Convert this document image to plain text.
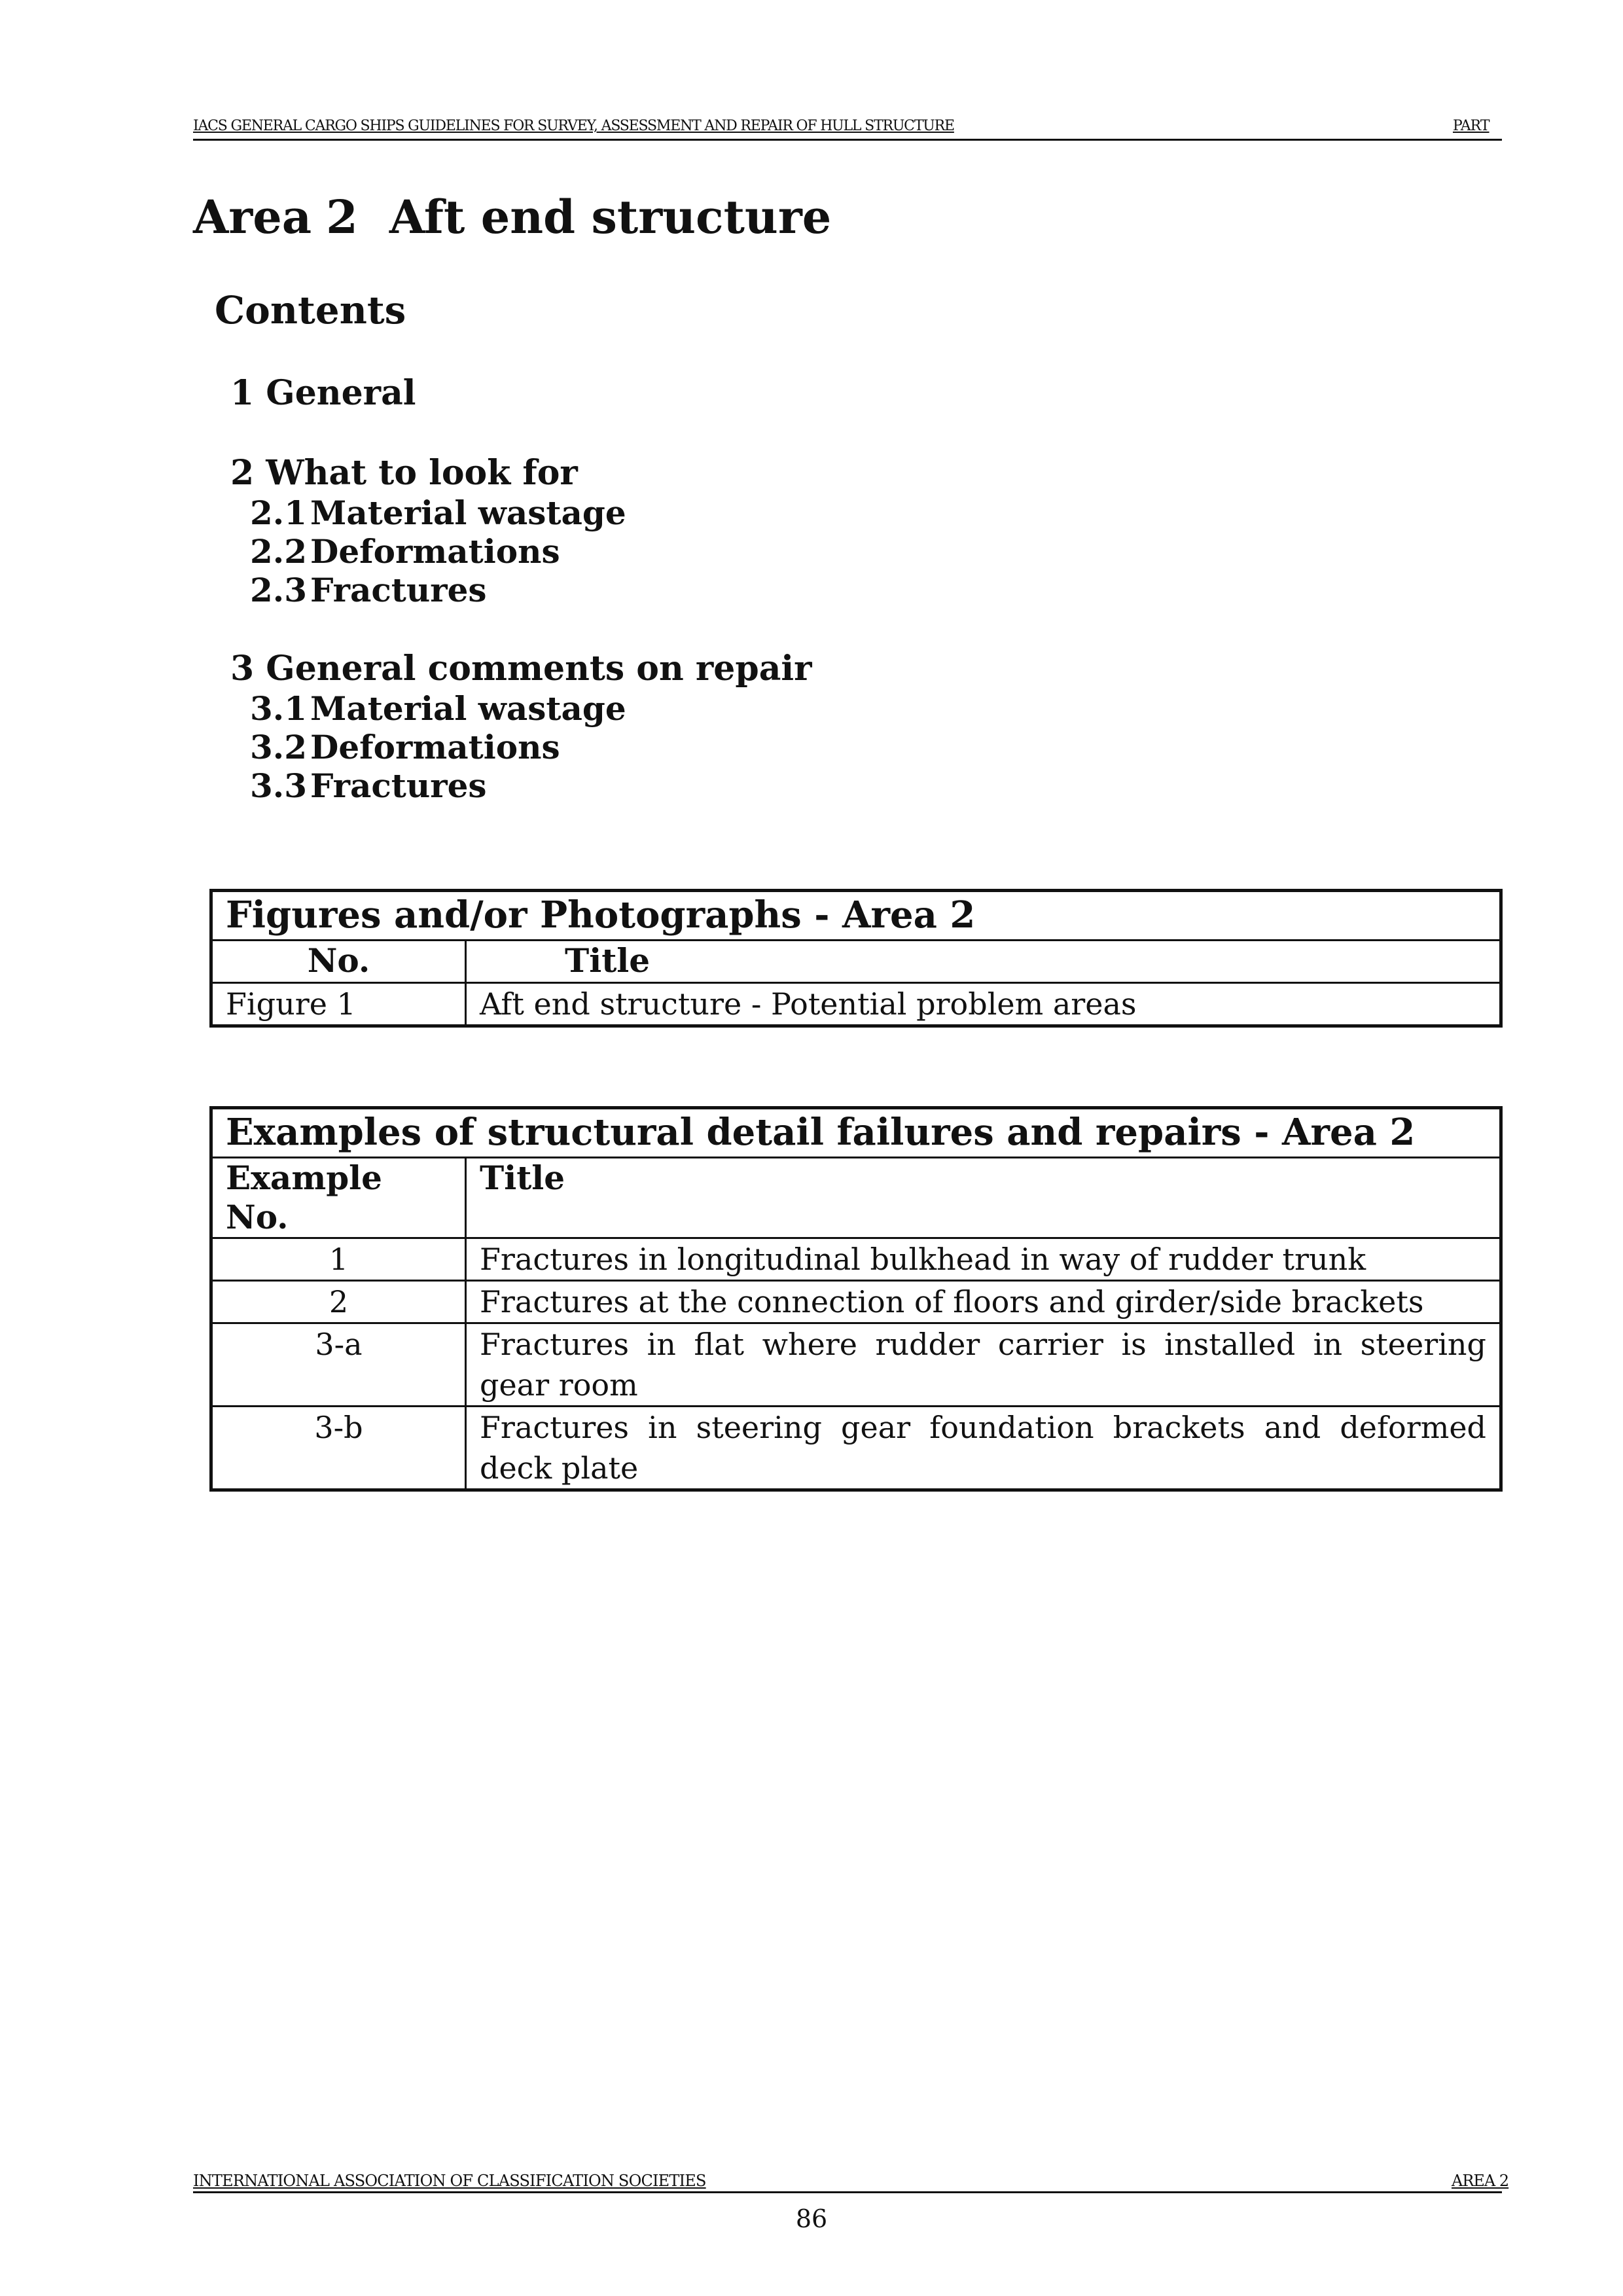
IACS GENERAL CARGO SHIPS GUIDELINES FOR SURVEY, ASSESSMENT AND REPAIR OF HULL STRUCTURE	PART
Area 2 Aft end structure
Contents
1 General
2 What to look for
2.1 Material wastage
2.2 Deformations
2.3 Fractures
3 General comments on repair
3.1 Material wastage
3.2 Deformations
3.3 Fractures
Figures and/or Photographs - Area 2	
No.	Title
Figure 1	Aft end structure - Potential problem areas
Examples of structural detail failures and repairs - Area 2	
Example No.	Title
1	Fractures in longitudinal bulkhead in way of rudder trunk
2	Fractures at the connection of floors and girder/side brackets
3-a	Fractures in flat where rudder carrier is installed in steering gear room
3-b	Fractures in steering gear foundation brackets and deformed deck plate
INTERNATIONAL ASSOCIATION OF CLASSIFICATION SOCIETIES	AREA 2
86
